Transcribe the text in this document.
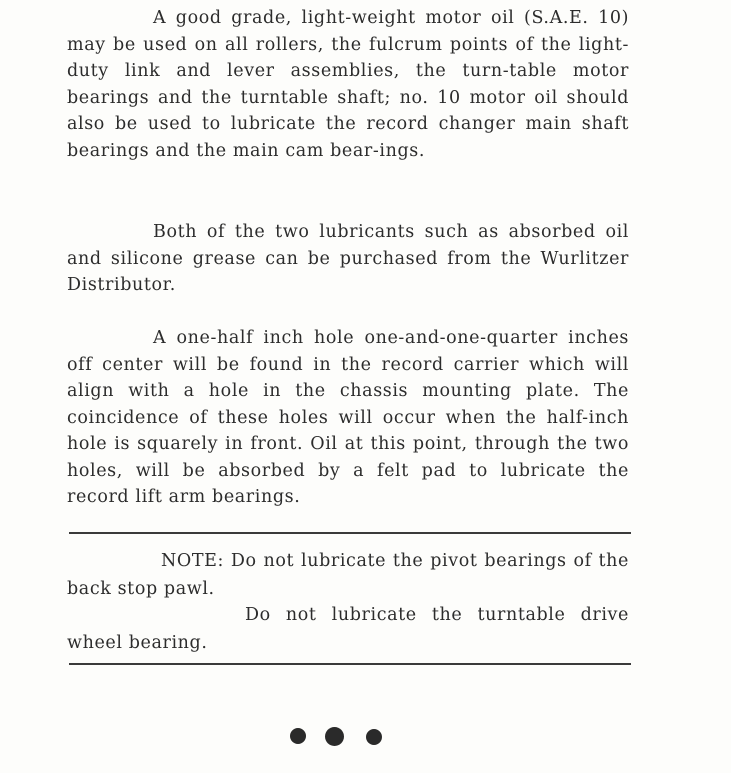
A good grade, light-weight motor oil (S.A.E. 10) may be used on all rollers, the fulcrum points of the light-duty link and lever assemblies, the turn-table motor bearings and the turntable shaft; no. 10 motor oil should also be used to lubricate the record changer main shaft bearings and the main cam bear-ings.

Both of the two lubricants such as absorbed oil and silicone grease can be purchased from the Wurlitzer Distributor.

A one-half inch hole one-and-one-quarter inches off center will be found in the record carrier which will align with a hole in the chassis mounting plate. The coincidence of these holes will occur when the half-inch hole is squarely in front. Oil at this point, through the two holes, will be absorbed by a felt pad to lubricate the record lift arm bearings.

NOTE: Do not lubricate the pivot bearings of the back stop pawl.

Do not lubricate the turntable drive wheel bearing.
